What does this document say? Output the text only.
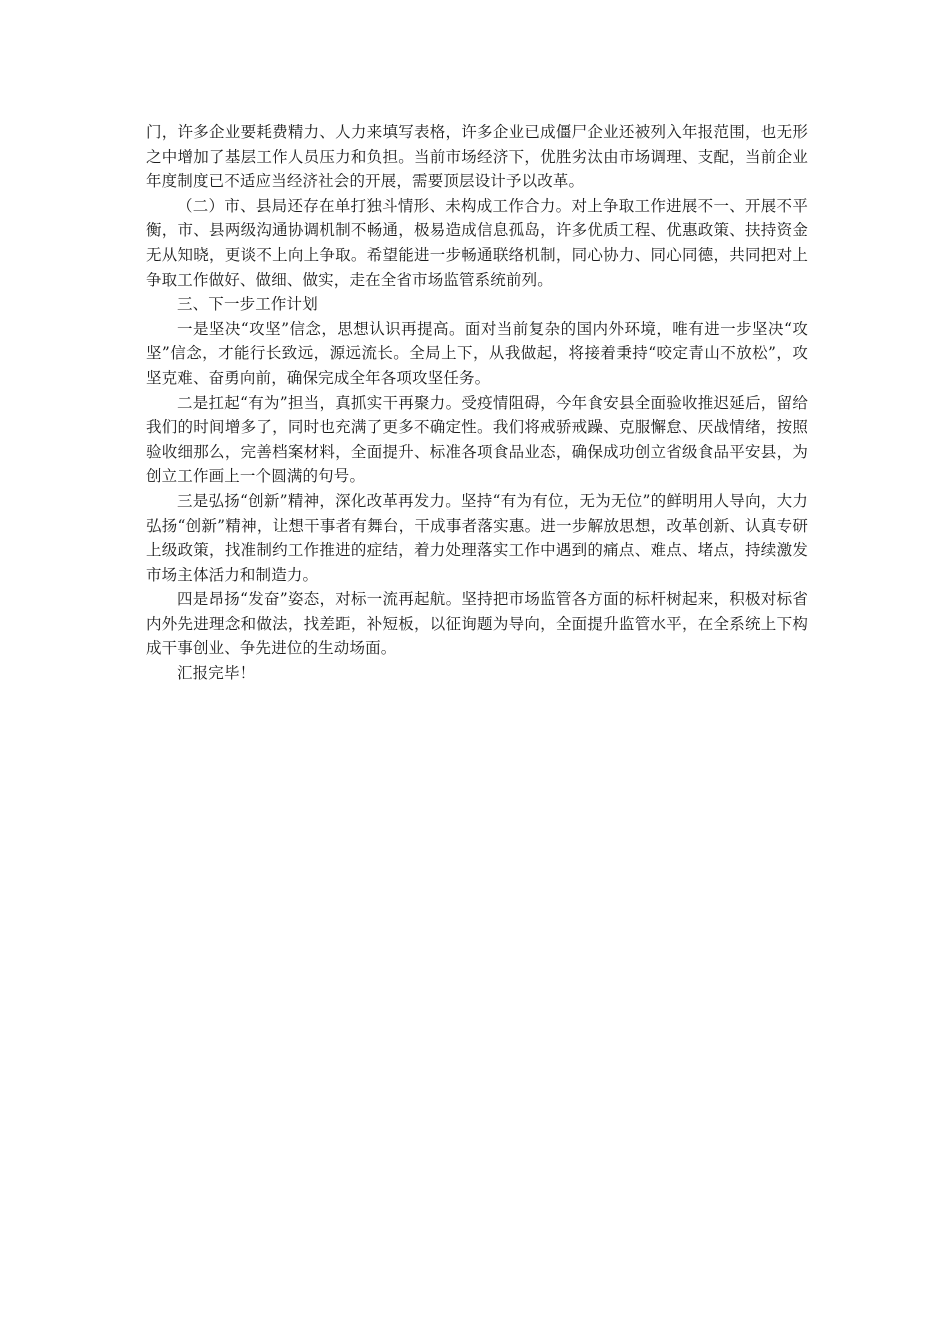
门，许多企业要耗费精力、人力来填写表格，许多企业已成僵尸企业还被列入年报范围，也无形之中增加了基层工作人员压力和负担。当前市场经济下，优胜劣汰由市场调理、支配，当前企业年度制度已不适应当经济社会的开展，需要顶层设计予以改革。

（二）市、县局还存在单打独斗情形、未构成工作合力。对上争取工作进展不一、开展不平衡，市、县两级沟通协调机制不畅通，极易造成信息孤岛，许多优质工程、优惠政策、扶持资金无从知晓，更谈不上向上争取。希望能进一步畅通联络机制，同心协力、同心同德，共同把对上争取工作做好、做细、做实，走在全省市场监管系统前列。

三、下一步工作计划

一是坚决“攻坚”信念，思想认识再提高。面对当前复杂的国内外环境，唯有进一步坚决“攻坚”信念，才能行长致远，源远流长。全局上下，从我做起，将接着秉持“咬定青山不放松”，攻坚克难、奋勇向前，确保完成全年各项攻坚任务。

二是扛起“有为”担当，真抓实干再聚力。受疫情阻碍，今年食安县全面验收推迟延后，留给我们的时间增多了，同时也充满了更多不确定性。我们将戒骄戒躁、克服懈怠、厌战情绪，按照验收细那么，完善档案材料，全面提升、标准各项食品业态，确保成功创立省级食品平安县，为创立工作画上一个圆满的句号。

三是弘扬“创新”精神，深化改革再发力。坚持“有为有位，无为无位”的鲜明用人导向，大力弘扬“创新”精神，让想干事者有舞台，干成事者落实惠。进一步解放思想，改革创新、认真专研上级政策，找准制约工作推进的症结，着力处理落实工作中遇到的痛点、难点、堵点，持续激发市场主体活力和制造力。

四是昂扬“发奋”姿态，对标一流再起航。坚持把市场监管各方面的标杆树起来，积极对标省内外先进理念和做法，找差距，补短板，以征询题为导向，全面提升监管水平，在全系统上下构成干事创业、争先进位的生动场面。

汇报完毕！
